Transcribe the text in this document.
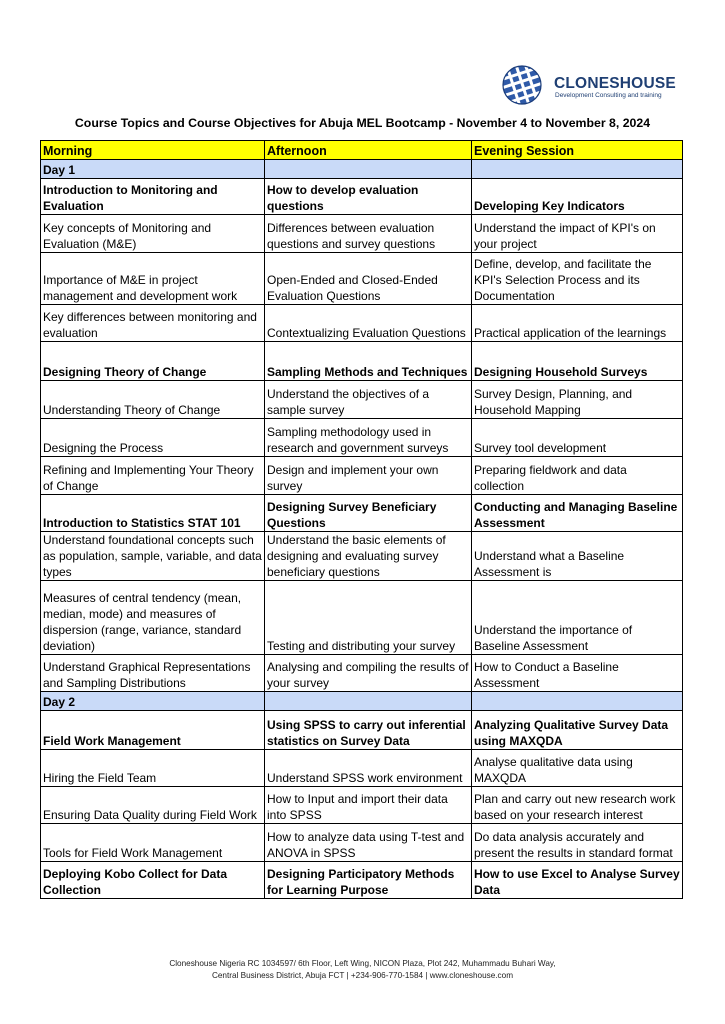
CLONESHOUSE
Development Consulting and training
Course Topics and Course Objectives for Abuja MEL Bootcamp - November 4 to November 8, 2024
Morning	Afternoon	Evening Session
Day 1		
Introduction to Monitoring and Evaluation	How to develop evaluation questions	Developing Key Indicators
Key concepts of Monitoring and Evaluation (M&E)	Differences between evaluation questions and survey questions	Understand the impact of KPI's on your project
Importance of M&E in project management and development work	Open-Ended and Closed-Ended Evaluation Questions	Define, develop, and facilitate the KPI's Selection Process and its Documentation
Key differences between monitoring and evaluation	Contextualizing Evaluation Questions	Practical application of the learnings
Designing Theory of Change	Sampling Methods and Techniques	Designing Household Surveys
Understanding Theory of Change	Understand the objectives of a sample survey	Survey Design, Planning, and Household Mapping
Designing the Process	Sampling methodology used in research and government surveys	Survey tool development
Refining and Implementing Your Theory of Change	Design and implement your own survey	Preparing fieldwork and data collection
Introduction to Statistics STAT 101	Designing Survey Beneficiary Questions	Conducting and Managing Baseline Assessment
Understand foundational concepts such as population, sample, variable, and data types	Understand the basic elements of designing and evaluating survey beneficiary questions	Understand what a Baseline Assessment is
Measures of central tendency (mean, median, mode) and measures of dispersion (range, variance, standard deviation)	Testing and distributing your survey	Understand the importance of Baseline Assessment
Understand Graphical Representations and Sampling Distributions	Analysing and compiling the results of your survey	How to Conduct a Baseline Assessment
Day 2		
Field Work Management	Using SPSS to carry out inferential statistics on Survey Data	Analyzing Qualitative Survey Data using MAXQDA
Hiring the Field Team	Understand SPSS work environment	Analyse qualitative data using MAXQDA
Ensuring Data Quality during Field Work	How to Input and import their data into SPSS	Plan and carry out new research work based on your research interest
Tools for Field Work Management	How to analyze data using T-test and ANOVA in SPSS	Do data analysis accurately and present the results in standard format
Deploying Kobo Collect for Data Collection	Designing Participatory Methods for Learning Purpose	How to use Excel to Analyse Survey Data
Cloneshouse Nigeria RC 1034597/ 6th Floor, Left Wing, NICON Plaza, Plot 242, Muhammadu Buhari Way,
Central Business District, Abuja FCT | +234-906-770-1584 | www.cloneshouse.com
